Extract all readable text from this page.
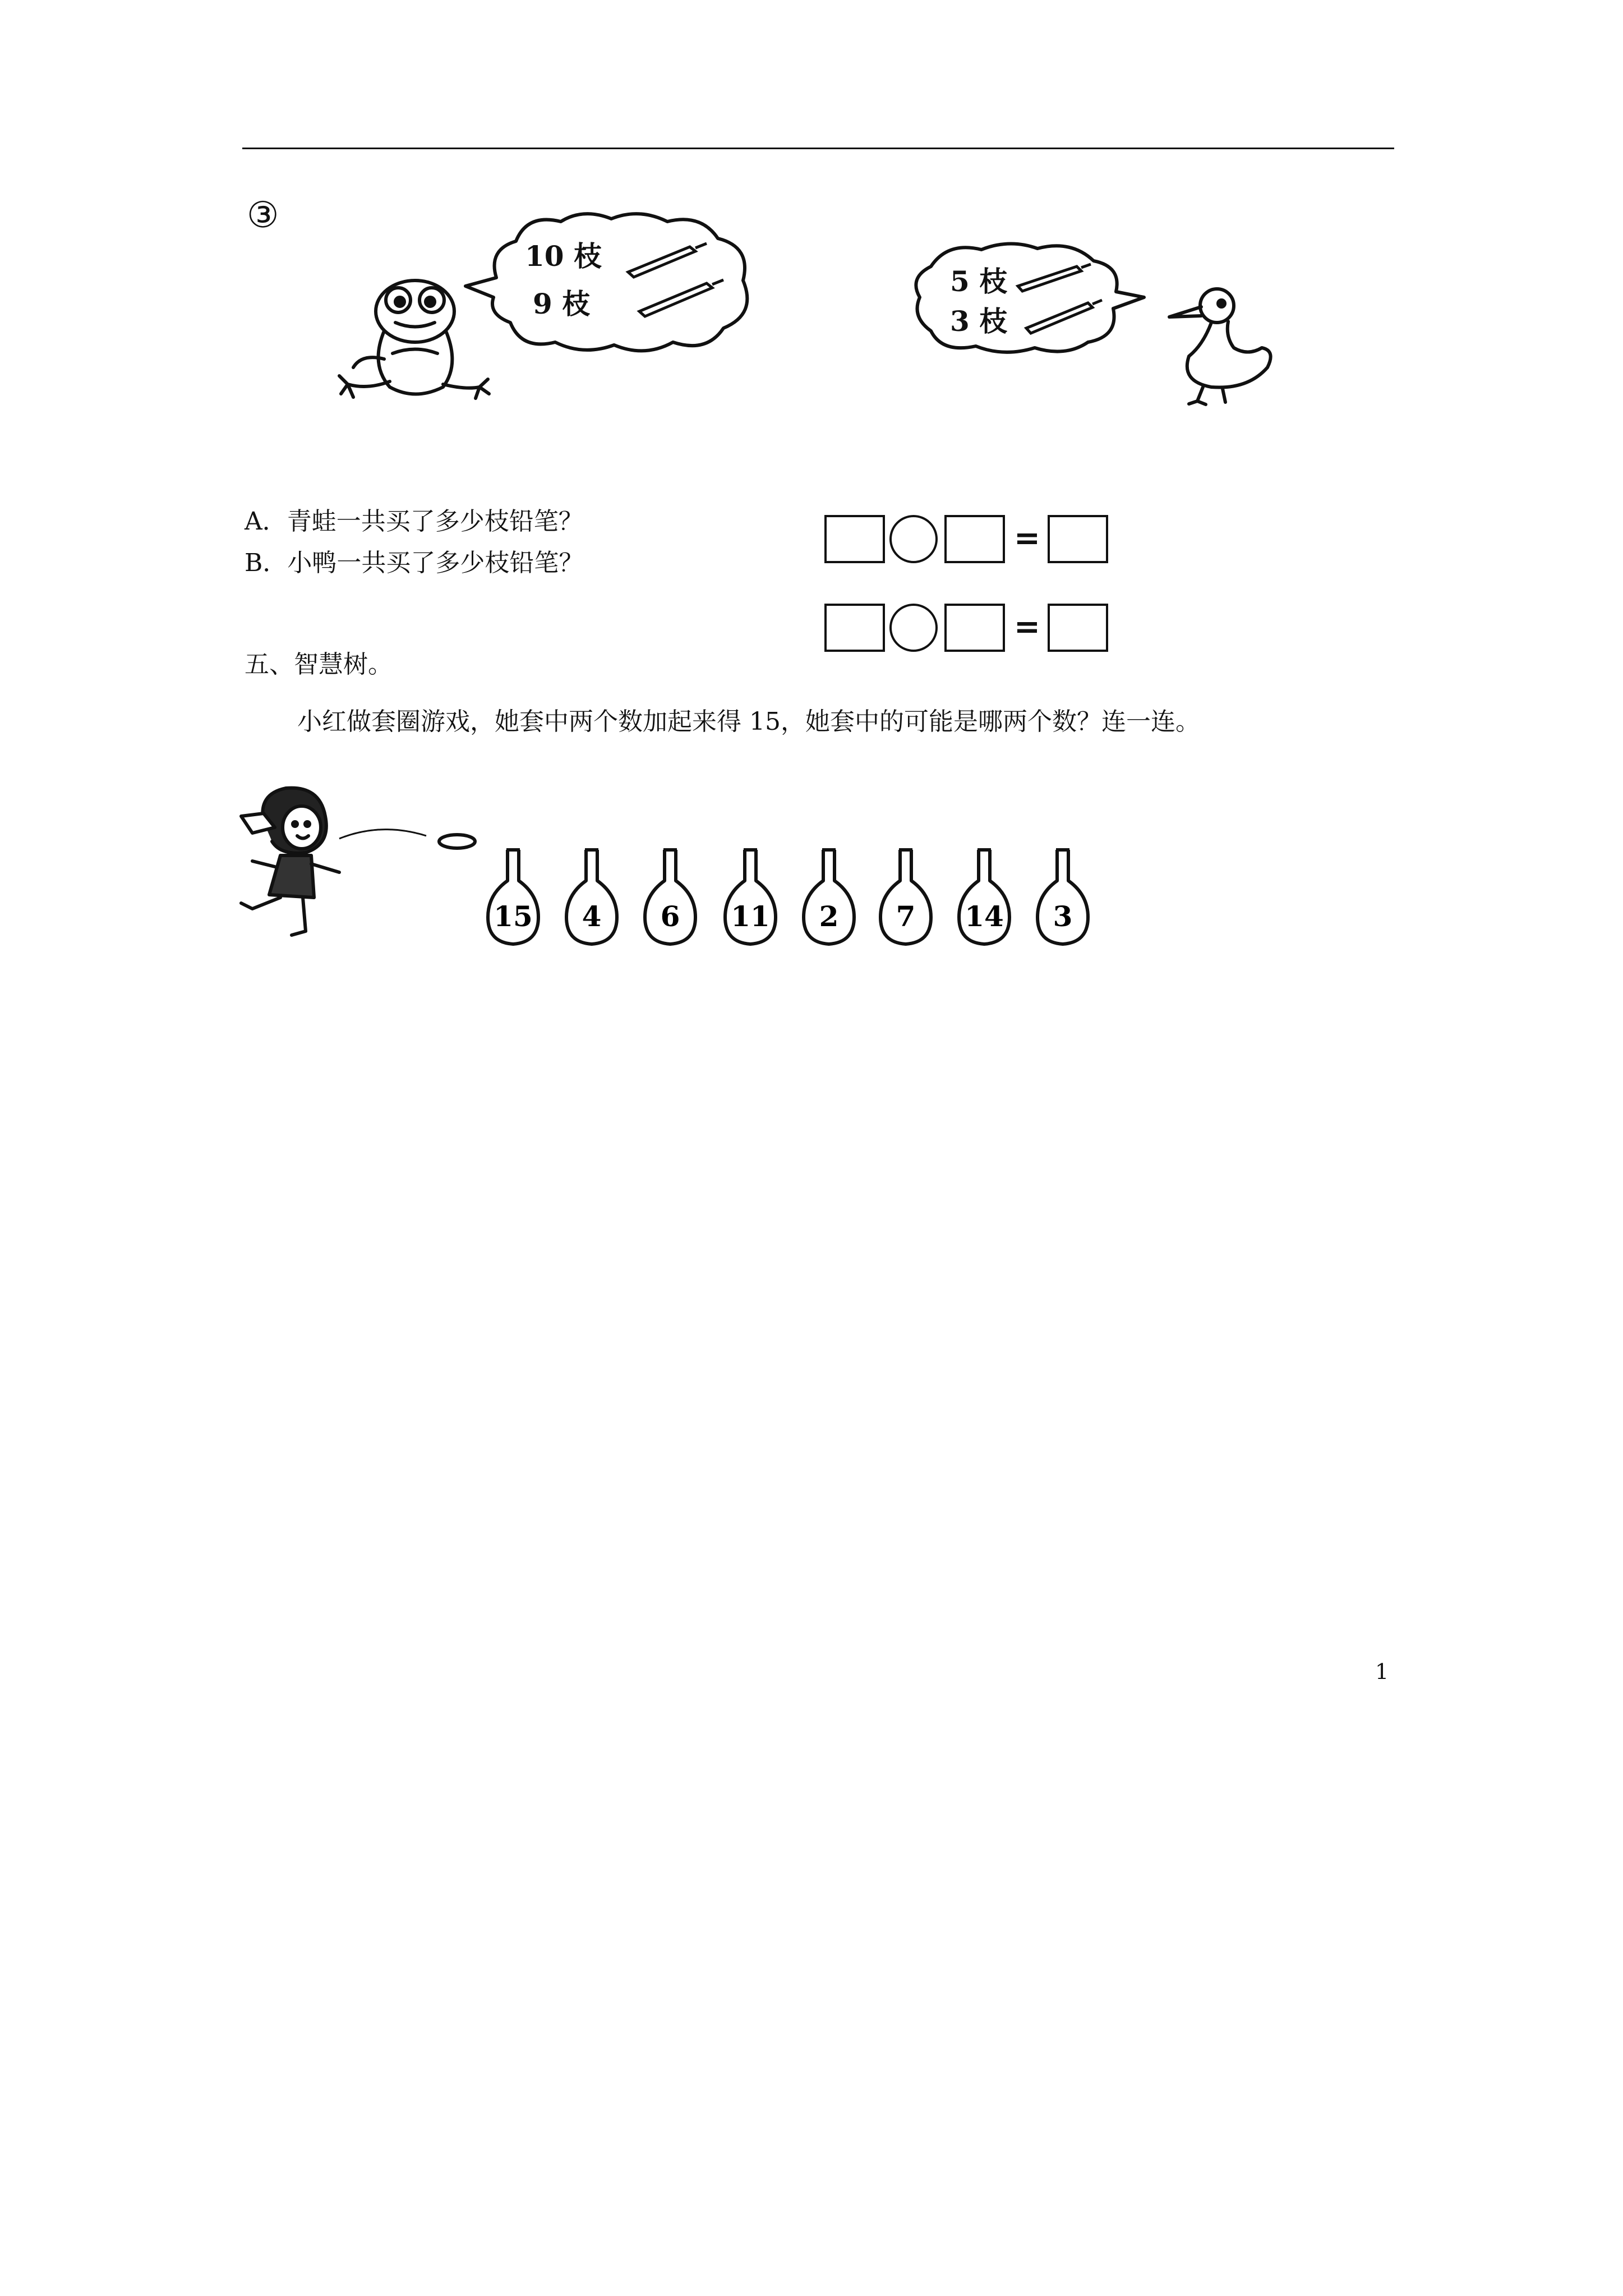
③
10 枝
9 枝
5 枝
3 枝
A．青蛙一共买了多少枝铅笔？
B．小鸭一共买了多少枝铅笔？
=
=
五、智慧树。
小红做套圈游戏，她套中两个数加起来得 15，她套中的可能是哪两个数？连一连。
15 4 6 11 2 7 14 3
1
